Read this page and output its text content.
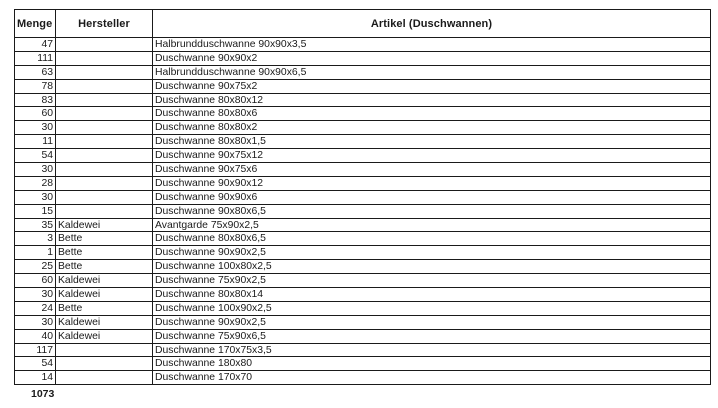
Menge	Hersteller	Artikel (Duschwannen)
47		Halbrundduschwanne 90x90x3,5
111		Duschwanne 90x90x2
63		Halbrundduschwanne 90x90x6,5
78		Duschwanne 90x75x2
83		Duschwanne 80x80x12
60		Duschwanne 80x80x6
30		Duschwanne 80x80x2
11		Duschwanne 80x80x1,5
54		Duschwanne 90x75x12
30		Duschwanne 90x75x6
28		Duschwanne 90x90x12
30		Duschwanne 90x90x6
15		Duschwanne 90x80x6,5
35	Kaldewei	Avantgarde 75x90x2,5
3	Bette	Duschwanne 80x80x6,5
1	Bette	Duschwanne 90x90x2,5
25	Bette	Duschwanne 100x80x2,5
60	Kaldewei	Duschwanne 75x90x2,5
30	Kaldewei	Duschwanne 80x80x14
24	Bette	Duschwanne 100x90x2,5
30	Kaldewei	Duschwanne 90x90x2,5
40	Kaldewei	Duschwanne 75x90x6,5
117		Duschwanne 170x75x3,5
54		Duschwanne 180x80
14		Duschwanne 170x70
1073
